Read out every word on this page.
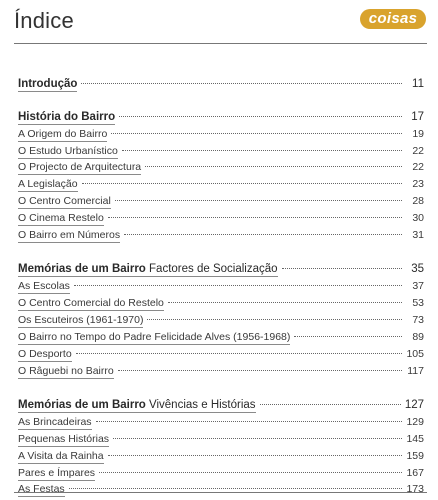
Índice	coisas
Introdução	11
História do Bairro	17
A Origem do Bairro	19
O Estudo Urbanístico	22
O Projecto de Arquitectura	22
A Legislação	23
O Centro Comercial	28
O Cinema Restelo	30
O Bairro em Números	31
Memórias de um Bairro Factores de Socialização	35
As Escolas	37
O Centro Comercial do Restelo	53
Os Escuteiros (1961-1970)	73
O Bairro no Tempo do Padre Felicidade Alves (1956-1968)	89
O Desporto	105
O Râguebi no Bairro	117
Memórias de um Bairro Vivências e Histórias	127
As Brincadeiras	129
Pequenas Histórias	145
A Visita da Rainha	159
Pares e Ímpares	167
As Festas	173
